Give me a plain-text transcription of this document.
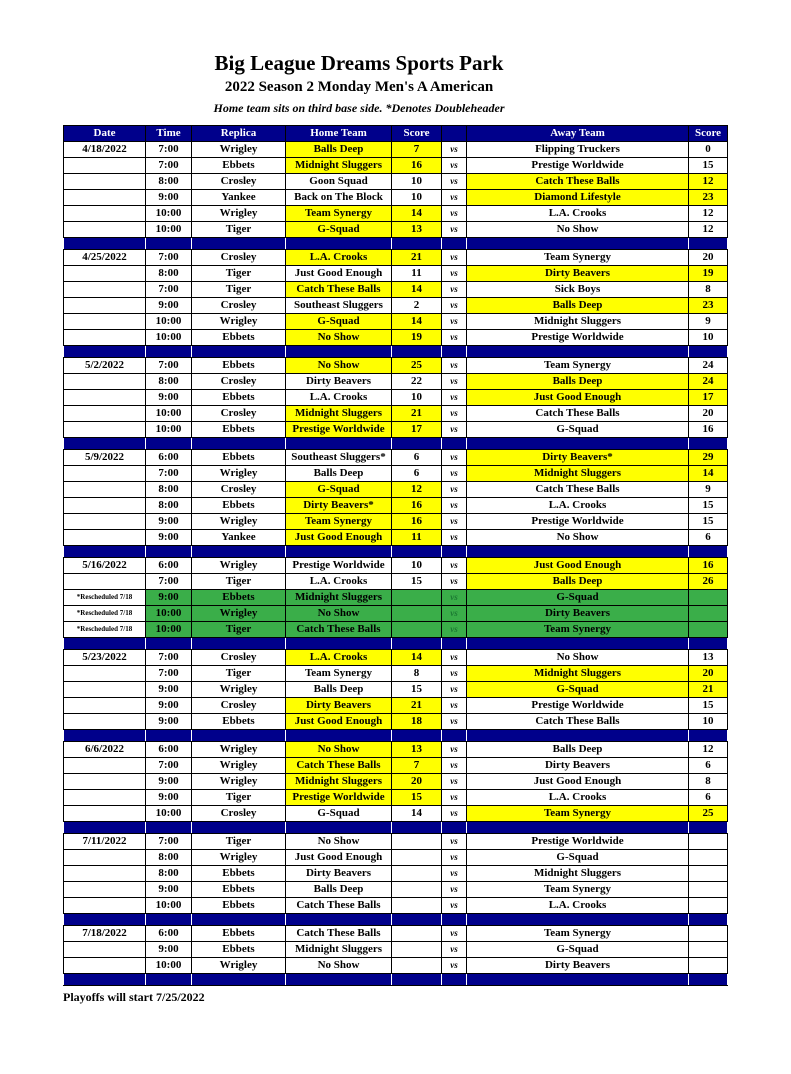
Big League Dreams Sports Park
2022 Season 2 Monday Men's A American
Home team sits on third base side. *Denotes Doubleheader
Date	Time	Replica	Home Team	Score		Away Team	Score
4/18/2022	7:00	Wrigley	Balls Deep	7	vs	Flipping Truckers	0
	7:00	Ebbets	Midnight Sluggers	16	vs	Prestige Worldwide	15
	8:00	Crosley	Goon Squad	10	vs	Catch These Balls	12
	9:00	Yankee	Back on The Block	10	vs	Diamond Lifestyle	23
	10:00	Wrigley	Team Synergy	14	vs	L.A. Crooks	12
	10:00	Tiger	G-Squad	13	vs	No Show	12

4/25/2022	7:00	Crosley	L.A. Crooks	21	vs	Team Synergy	20
	8:00	Tiger	Just Good Enough	11	vs	Dirty Beavers	19
	7:00	Tiger	Catch These Balls	14	vs	Sick Boys	8
	9:00	Crosley	Southeast Sluggers	2	vs	Balls Deep	23
	10:00	Wrigley	G-Squad	14	vs	Midnight Sluggers	9
	10:00	Ebbets	No Show	19	vs	Prestige Worldwide	10

5/2/2022	7:00	Ebbets	No Show	25	vs	Team Synergy	24
	8:00	Crosley	Dirty Beavers	22	vs	Balls Deep	24
	9:00	Ebbets	L.A. Crooks	10	vs	Just Good Enough	17
	10:00	Crosley	Midnight Sluggers	21	vs	Catch These Balls	20
	10:00	Ebbets	Prestige Worldwide	17	vs	G-Squad	16

5/9/2022	6:00	Ebbets	Southeast Sluggers*	6	vs	Dirty Beavers*	29
	7:00	Wrigley	Balls Deep	6	vs	Midnight Sluggers	14
	8:00	Crosley	G-Squad	12	vs	Catch These Balls	9
	8:00	Ebbets	Dirty Beavers*	16	vs	L.A. Crooks	15
	9:00	Wrigley	Team Synergy	16	vs	Prestige Worldwide	15
	9:00	Yankee	Just Good Enough	11	vs	No Show	6

5/16/2022	6:00	Wrigley	Prestige Worldwide	10	vs	Just Good Enough	16
	7:00	Tiger	L.A. Crooks	15	vs	Balls Deep	26
*Rescheduled 7/18	9:00	Ebbets	Midnight Sluggers		vs	G-Squad	
*Rescheduled 7/18	10:00	Wrigley	No Show		vs	Dirty Beavers	
*Rescheduled 7/18	10:00	Tiger	Catch These Balls		vs	Team Synergy	

5/23/2022	7:00	Crosley	L.A. Crooks	14	vs	No Show	13
	7:00	Tiger	Team Synergy	8	vs	Midnight Sluggers	20
	9:00	Wrigley	Balls Deep	15	vs	G-Squad	21
	9:00	Crosley	Dirty Beavers	21	vs	Prestige Worldwide	15
	9:00	Ebbets	Just Good Enough	18	vs	Catch These Balls	10

6/6/2022	6:00	Wrigley	No Show	13	vs	Balls Deep	12
	7:00	Wrigley	Catch These Balls	7	vs	Dirty Beavers	6
	9:00	Wrigley	Midnight Sluggers	20	vs	Just Good Enough	8
	9:00	Tiger	Prestige Worldwide	15	vs	L.A. Crooks	6
	10:00	Crosley	G-Squad	14	vs	Team Synergy	25

7/11/2022	7:00	Tiger	No Show		vs	Prestige Worldwide	
	8:00	Wrigley	Just Good Enough		vs	G-Squad	
	8:00	Ebbets	Dirty Beavers		vs	Midnight Sluggers	
	9:00	Ebbets	Balls Deep		vs	Team Synergy	
	10:00	Ebbets	Catch These Balls		vs	L.A. Crooks	

7/18/2022	6:00	Ebbets	Catch These Balls		vs	Team Synergy	
	9:00	Ebbets	Midnight Sluggers		vs	G-Squad	
	10:00	Wrigley	No Show		vs	Dirty Beavers	

Playoffs will start 7/25/2022
